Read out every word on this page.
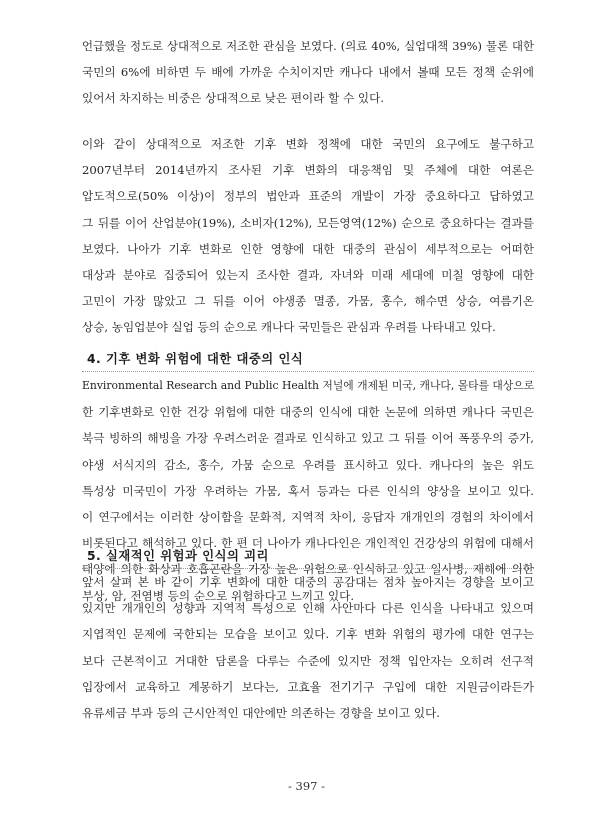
언급했을 정도로 상대적으로 저조한 관심을 보였다. (의료 40%, 실업대책 39%) 물론 대한
국민의 6%에 비하면 두 배에 가까운 수치이지만 캐나다 내에서 볼때 모든 정책 순위에
있어서 차지하는 비중은 상대적으로 낮은 편이라 할 수 있다.

이와 같이 상대적으로 저조한 기후 변화 정책에 대한 국민의 요구에도 불구하고
2007년부터 2014년까지 조사된 기후 변화의 대응책임 및 주체에 대한 여론은
압도적으로(50% 이상)이 정부의 법안과 표준의 개발이 가장 중요하다고 답하였고
그 뒤를 이어 산업분야(19%), 소비자(12%), 모든영역(12%) 순으로 중요하다는 결과를
보였다. 나아가 기후 변화로 인한 영향에 대한 대중의 관심이 세부적으로는 어떠한
대상과 분야로 집중되어 있는지 조사한 결과, 자녀와 미래 세대에 미칠 영향에 대한
고민이 가장 많았고 그 뒤를 이어 야생종 멸종, 가뭄, 홍수, 해수면 상승, 여름기온
상승, 농임업분야 실업 등의 순으로 캐나다 국민들은 관심과 우려를 나타내고 있다.

4. 기후 변화 위험에 대한 대중의 인식

Environmental Research and Public Health 저널에 개제된 미국, 캐나다, 몰타를 대상으로
한 기후변화로 인한 건강 위험에 대한 대중의 인식에 대한 논문에 의하면 캐나다 국민은
북극 빙하의 해빙을 가장 우려스러운 결과로 인식하고 있고 그 뒤를 이어 폭풍우의 증가,
야생 서식지의 감소, 홍수, 가뭄 순으로 우려를 표시하고 있다. 캐나다의 높은 위도
특성상 미국민이 가장 우려하는 가뭄, 혹서 등과는 다른 인식의 양상을 보이고 있다.
이 연구에서는 이러한 상이함을 문화적, 지역적 차이, 응답자 개개인의 경험의 차이에서
비롯된다고 해석하고 있다. 한 편 더 나아가 캐나다인은 개인적인 건강상의 위험에 대해서
태양에 의한 화상과 호흡곤란을 가장 높은 위험으로 인식하고 있고 일사병, 재해에 의한
부상, 암, 전염병 등의 순으로 위험하다고 느끼고 있다.

5. 실재적인 위험과 인식의 괴리

앞서 살펴 본 바 같이 기후 변화에 대한 대중의 공감대는 점차 높아지는 경향을 보이고
있지만 개개인의 성향과 지역적 특성으로 인해 사안마다 다른 인식을 나타내고 있으며
지엽적인 문제에 국한되는 모습을 보이고 있다. 기후 변화 위험의 평가에 대한 연구는
보다 근본적이고 거대한 담론을 다루는 수준에 있지만 정책 입안자는 오히려 선구적
입장에서 교육하고 계몽하기 보다는, 고효율 전기기구 구입에 대한 지원금이라든가
유류세금 부과 등의 근시안적인 대안에만 의존하는 경향을 보이고 있다.

- 397 -
